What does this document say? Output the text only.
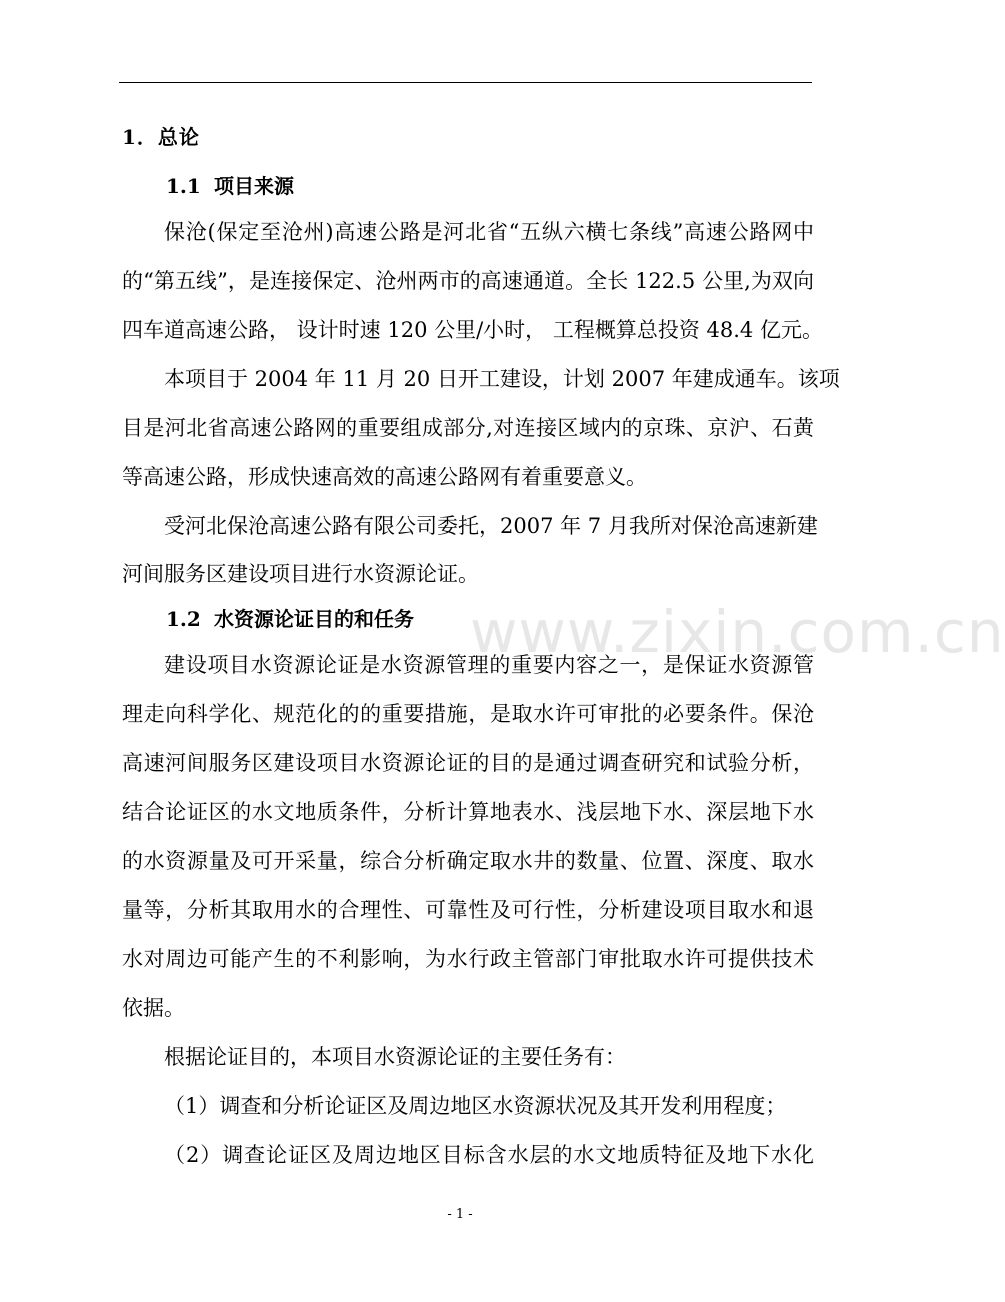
1．总论
1.1 项目来源
保沧(保定至沧州)高速公路是河北省“五纵六横七条线”高速公路网中
的“第五线”，是连接保定、沧州两市的高速通道。全长 122.5 公里,为双向
四车道高速公路， 设计时速 120 公里/小时， 工程概算总投资 48.4 亿元。
本项目于 2004 年 11 月 20 日开工建设，计划 2007 年建成通车。该项
目是河北省高速公路网的重要组成部分,对连接区域内的京珠、京沪、石黄
等高速公路，形成快速高效的高速公路网有着重要意义。
受河北保沧高速公路有限公司委托，2007 年 7 月我所对保沧高速新建
河间服务区建设项目进行水资源论证。
1.2 水资源论证目的和任务
建设项目水资源论证是水资源管理的重要内容之一，是保证水资源管
理走向科学化、规范化的的重要措施，是取水许可审批的必要条件。保沧
高速河间服务区建设项目水资源论证的目的是通过调查研究和试验分析，
结合论证区的水文地质条件，分析计算地表水、浅层地下水、深层地下水
的水资源量及可开采量，综合分析确定取水井的数量、位置、深度、取水
量等，分析其取用水的合理性、可靠性及可行性，分析建设项目取水和退
水对周边可能产生的不利影响，为水行政主管部门审批取水许可提供技术
依据。
根据论证目的，本项目水资源论证的主要任务有：
（1）调查和分析论证区及周边地区水资源状况及其开发利用程度；
（2）调查论证区及周边地区目标含水层的水文地质特征及地下水化
www.zixin.com.cn
- 1 -
